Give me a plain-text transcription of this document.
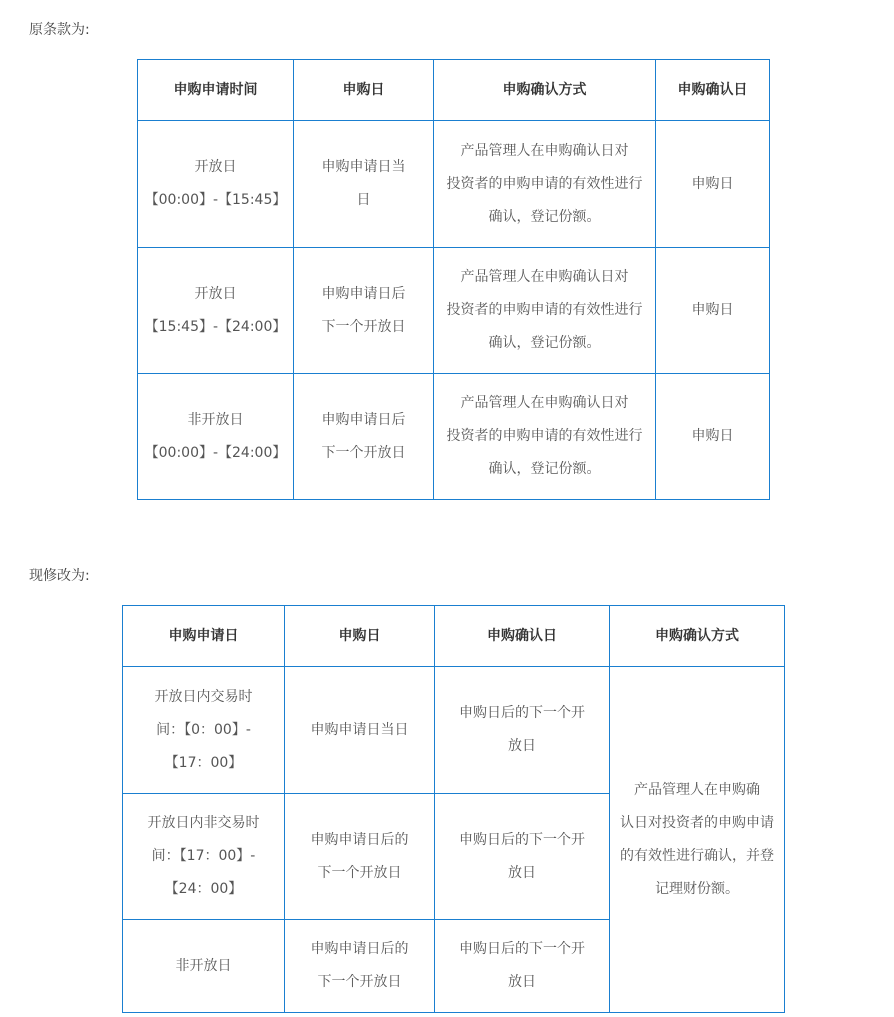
原条款为:
申购申请时间	申购日	申购确认方式	申购确认日

开放日
【00:00】-【15:45】	申购申请日当
日	产品管理人在申购确认日对
投资者的申购申请的有效性进行
确认，登记份额。	申购日

开放日
【15:45】-【24:00】	申购申请日后
下一个开放日	产品管理人在申购确认日对
投资者的申购申请的有效性进行
确认，登记份额。	申购日

非开放日
【00:00】-【24:00】	申购申请日后
下一个开放日	产品管理人在申购确认日对
投资者的申购申请的有效性进行
确认，登记份额。	申购日
现修改为:
申购申请日	申购日	申购确认日	申购确认方式

开放日内交易时
间：【0：00】-
【17：00】	申购申请日当日	申购日后的下一个开
放日	产品管理人在申购确
认日对投资者的申购申请
的有效性进行确认，并登
记理财份额。

开放日内非交易时
间：【17：00】-
【24：00】	申购申请日后的
下一个开放日	申购日后的下一个开
放日	

非开放日	申购申请日后的
下一个开放日	申购日后的下一个开
放日	
